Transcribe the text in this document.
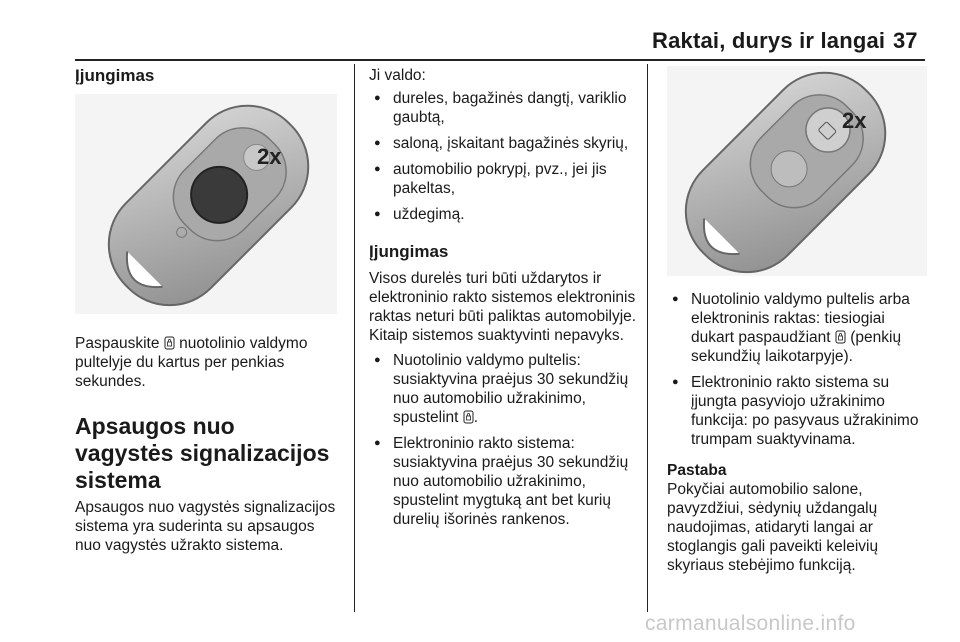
Raktai, durys ir langai 37
Įjungimas
2x

Paspauskite  nuotolinio valdymo pultelyje du kartus per penkias sekundes.

Apsaugos nuo vagystės signalizacijos sistema

Apsaugos nuo vagystės signalizacijos sistema yra suderinta su apsaugos nuo vagystės užrakto sistema.

Ji valdo:

● dureles, bagažinės dangtį, variklio gaubtą,
● saloną, įskaitant bagažinės skyrių,
● automobilio pokrypį, pvz., jei jis pakeltas,
● uždegimą.
Įjungimas

Visos durelės turi būti uždarytos ir elektroninio rakto sistemos elektroninis raktas neturi būti paliktas automobilyje. Kitaip sistemos suaktyvinti nepavyks.

● Nuotolinio valdymo pultelis: susiaktyvina praėjus 30 sekundžių nuo automobilio užrakinimo, spustelint .
● Elektroninio rakto sistema: susiaktyvina praėjus 30 sekundžių nuo automobilio užrakinimo, spustelint mygtuką ant bet kurių durelių išorinės rankenos.
2x
● Nuotolinio valdymo pultelis arba elektroninis raktas: tiesiogiai dukart paspaudžiant  (penkių sekundžių laikotarpyje).
● Elektroninio rakto sistema su įjungta pasyviojo užrakinimo funkcija: po pasyvaus užrakinimo trumpam suaktyvinama.

Pastaba

Pokyčiai automobilio salone, pavyzdžiui, sėdynių uždangalų naudojimas, atidaryti langai ar stoglangis gali paveikti keleivių skyriaus stebėjimo funkciją.

carmanualsonline.info
